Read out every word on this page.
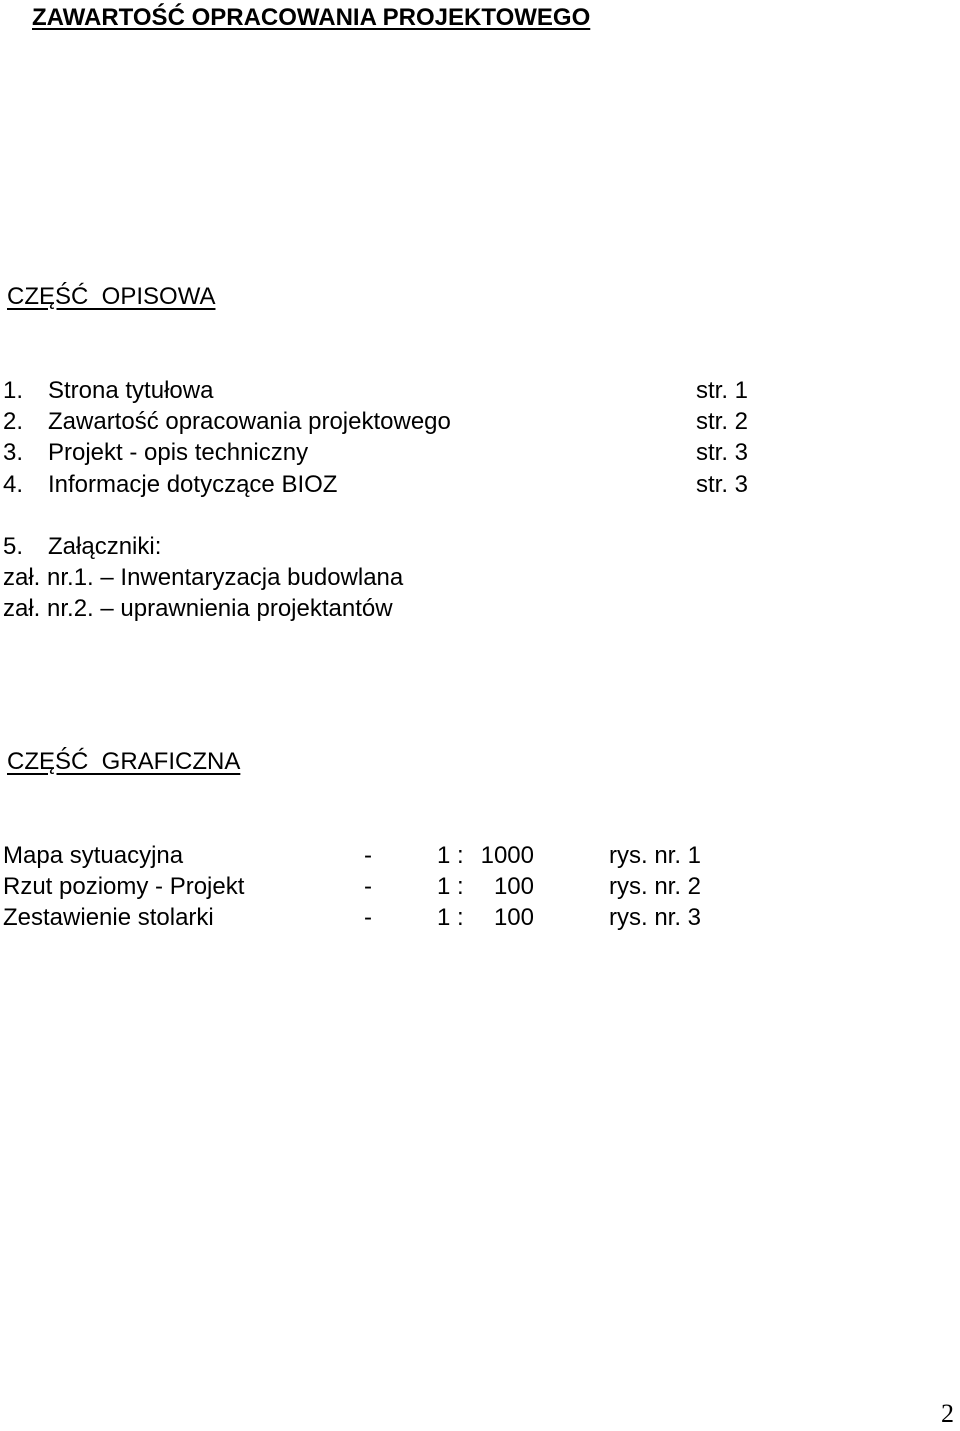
ZAWARTOŚĆ OPRACOWANIA PROJEKTOWEGO
CZĘŚĆ  OPISOWA
1. Strona tytułowa	str. 1
2. Zawartość opracowania projektowego	str. 2
3. Projekt - opis techniczny	str. 3
4. Informacje dotyczące BIOZ	str. 3
5. Załączniki:
zał. nr.1. – Inwentaryzacja budowlana
zał. nr.2. – uprawnienia projektantów
CZĘŚĆ  GRAFICZNA
Mapa sytuacyjna	-	1 : 1000	rys. nr. 1
Rzut poziomy - Projekt	-	1 :	100	rys. nr. 2
Zestawienie stolarki	-	1 :	100	rys. nr. 3
2
